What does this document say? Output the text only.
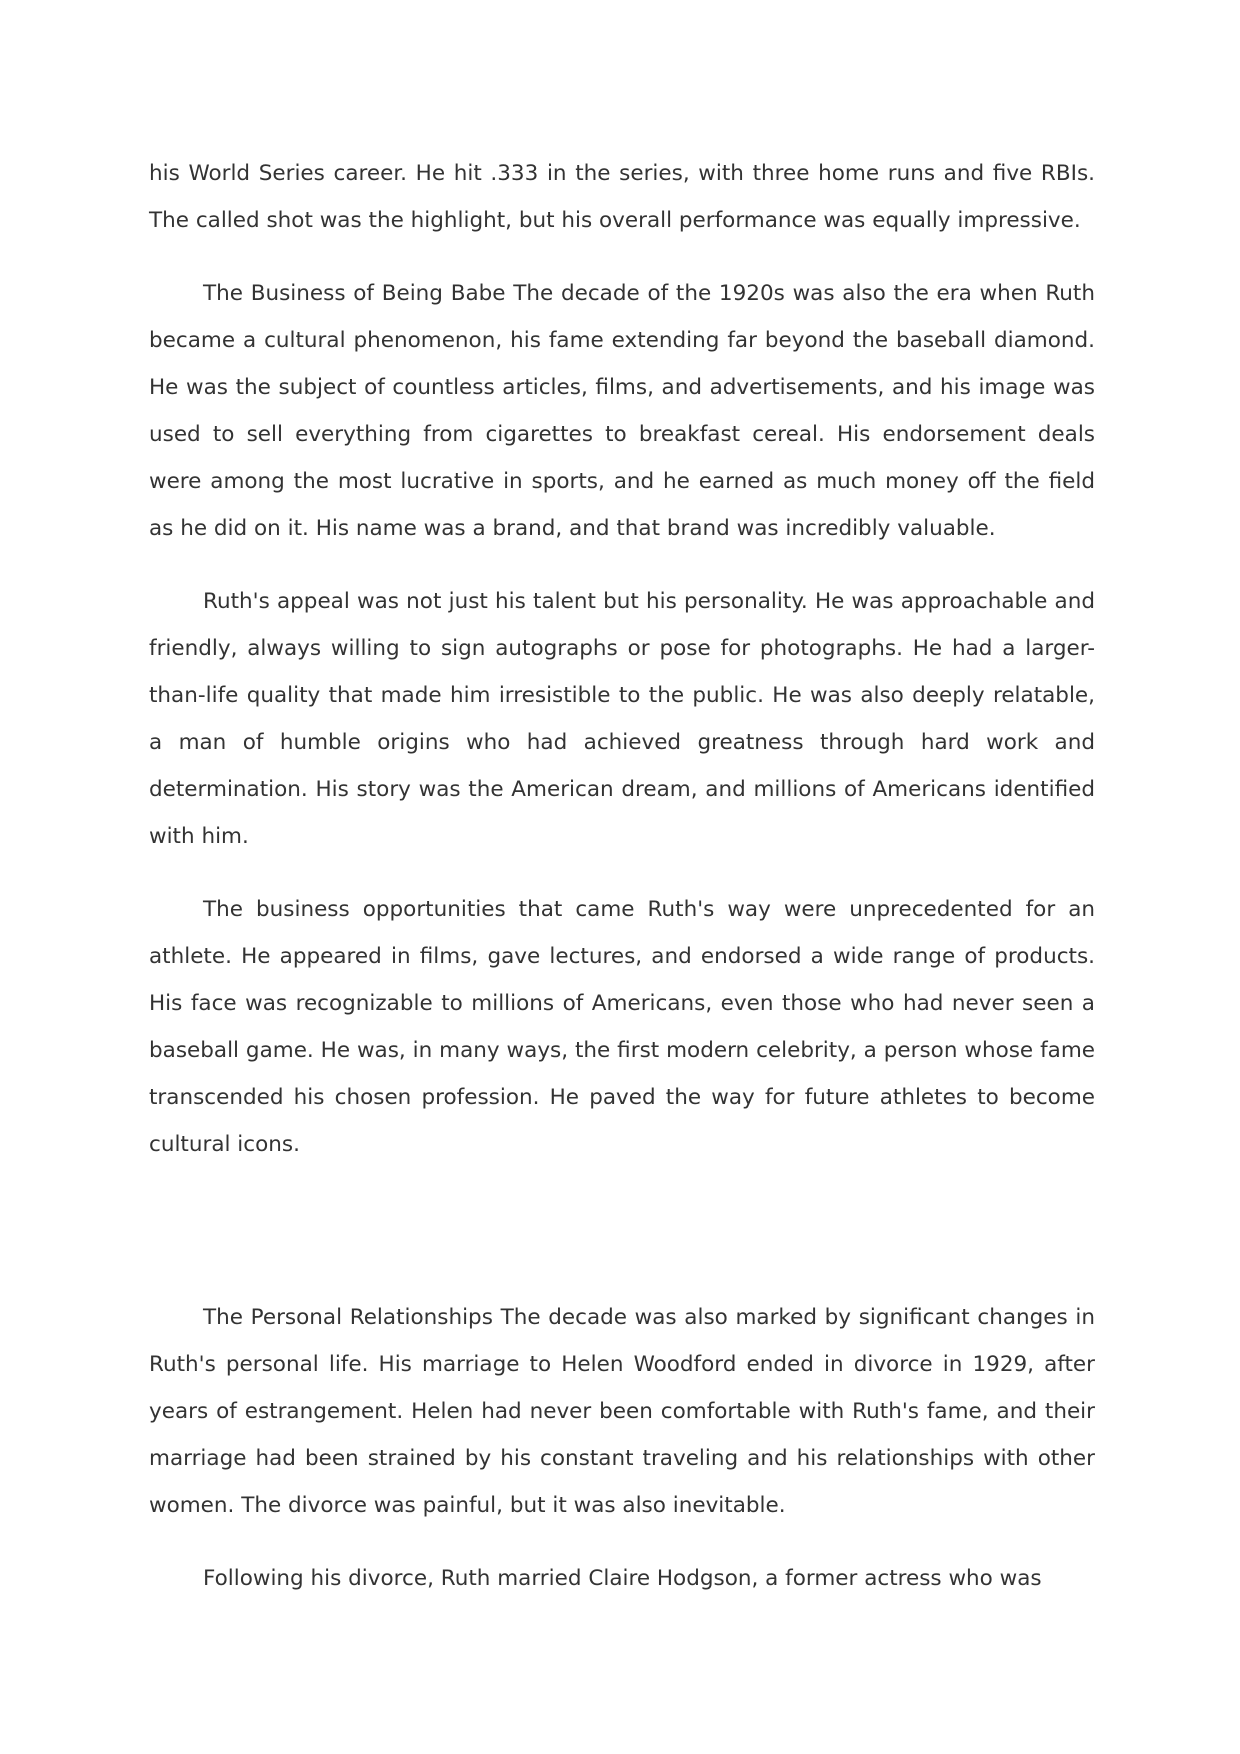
his World Series career. He hit .333 in the series, with three home runs and five RBIs. The called shot was the highlight, but his overall performance was equally impressive.

The Business of Being Babe The decade of the 1920s was also the era when Ruth became a cultural phenomenon, his fame extending far beyond the baseball diamond. He was the subject of countless articles, films, and advertisements, and his image was used to sell everything from cigarettes to breakfast cereal. His endorsement deals were among the most lucrative in sports, and he earned as much money off the field as he did on it. His name was a brand, and that brand was incredibly valuable.

Ruth's appeal was not just his talent but his personality. He was approachable and friendly, always willing to sign autographs or pose for photographs. He had a larger-than-life quality that made him irresistible to the public. He was also deeply relatable, a man of humble origins who had achieved greatness through hard work and determination. His story was the American dream, and millions of Americans identified with him.

The business opportunities that came Ruth's way were unprecedented for an athlete. He appeared in films, gave lectures, and endorsed a wide range of products. His face was recognizable to millions of Americans, even those who had never seen a baseball game. He was, in many ways, the first modern celebrity, a person whose fame transcended his chosen profession. He paved the way for future athletes to become cultural icons.

The Personal Relationships The decade was also marked by significant changes in Ruth's personal life. His marriage to Helen Woodford ended in divorce in 1929, after years of estrangement. Helen had never been comfortable with Ruth's fame, and their marriage had been strained by his constant traveling and his relationships with other women. The divorce was painful, but it was also inevitable.

Following his divorce, Ruth married Claire Hodgson, a former actress who was
